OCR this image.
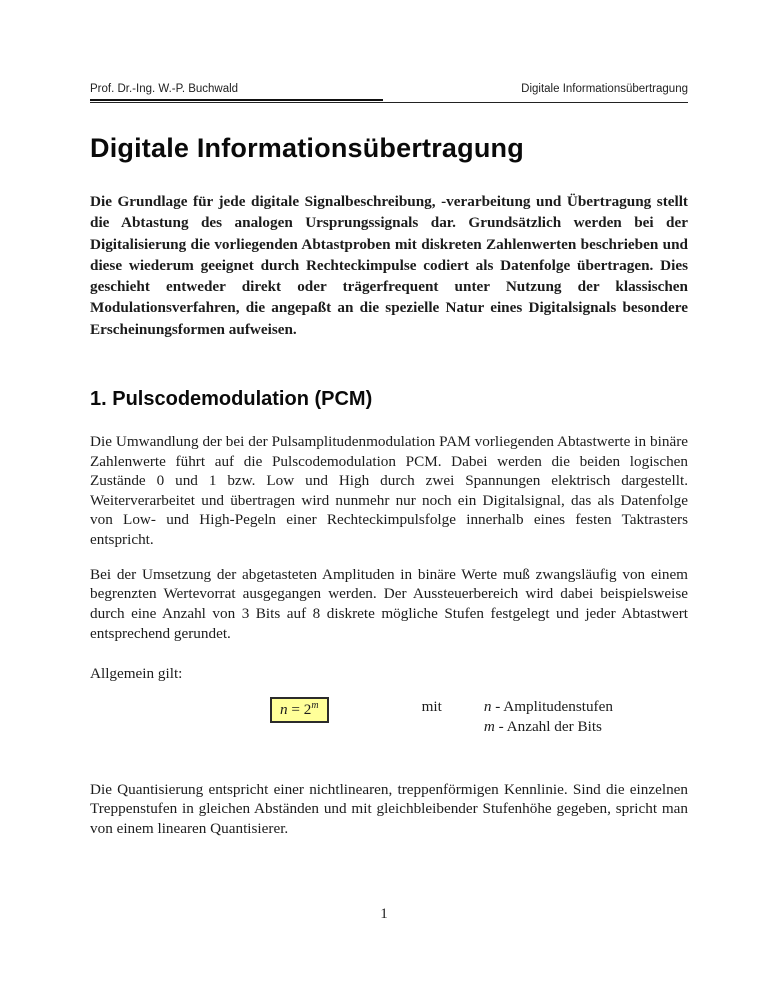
Prof. Dr.-Ing. W.-P. Buchwald	Digitale Informationsübertragung
Digitale Informationsübertragung

Die Grundlage für jede digitale Signalbeschreibung, -verarbeitung und Übertragung stellt die Abtastung des analogen Ursprungssignals dar. Grundsätzlich werden bei der Digitalisierung die vorliegenden Abtastproben mit diskreten Zahlenwerten beschrieben und diese wiederum geeignet durch Rechteckimpulse codiert als Datenfolge übertragen. Dies geschieht entweder direkt oder trägerfrequent unter Nutzung der klassischen Modulationsverfahren, die angepaßt an die spezielle Natur eines Digitalsignals besondere Erscheinungsformen aufweisen.

1. Pulscodemodulation (PCM)

Die Umwandlung der bei der Pulsamplitudenmodulation PAM vorliegenden Abtastwerte in binäre Zahlenwerte führt auf die Pulscodemodulation PCM. Dabei werden die beiden logischen Zustände 0 und 1 bzw. Low und High durch zwei Spannungen elektrisch dargestellt. Weiterverarbeitet und übertragen wird nunmehr nur noch ein Digitalsignal, das als Datenfolge von Low- und High-Pegeln einer Rechteckimpulsfolge innerhalb eines festen Taktrasters entspricht.

Bei der Umsetzung der abgetasteten Amplituden in binäre Werte muß zwangsläufig von einem begrenzten Wertevorrat ausgegangen werden. Der Aussteuerbereich wird dabei beispielsweise durch eine Anzahl von 3 Bits auf 8 diskrete mögliche Stufen festgelegt und jeder Abtastwert entsprechend gerundet.

Allgemein gilt:
$n = 2^m$	mit	n - Amplitudenstufen
m - Anzahl der Bits

Die Quantisierung entspricht einer nichtlinearen, treppenförmigen Kennlinie. Sind die einzelnen Treppenstufen in gleichen Abständen und mit gleichbleibender Stufenhöhe gegeben, spricht man von einem linearen Quantisierer.

1
